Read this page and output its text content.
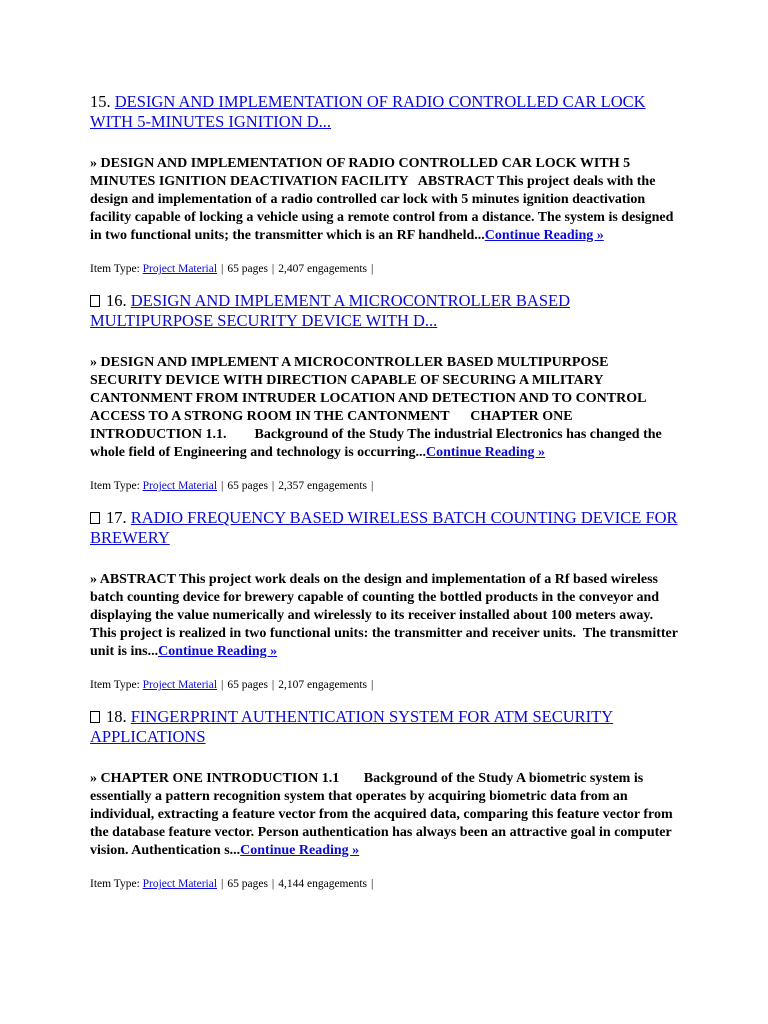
15. DESIGN AND IMPLEMENTATION OF RADIO CONTROLLED CAR LOCK WITH 5-MINUTES IGNITION D...
» DESIGN AND IMPLEMENTATION OF RADIO CONTROLLED CAR LOCK WITH 5 MINUTES IGNITION DEACTIVATION FACILITY   ABSTRACT This project deals with the design and implementation of a radio controlled car lock with 5 minutes ignition deactivation facility capable of locking a vehicle using a remote control from a distance. The system is designed in two functional units; the transmitter which is an RF handheld...Continue Reading »
Item Type: Project Material | 65 pages | 2,407 engagements |
16. DESIGN AND IMPLEMENT A MICROCONTROLLER BASED MULTIPURPOSE SECURITY DEVICE WITH D...
» DESIGN AND IMPLEMENT A MICROCONTROLLER BASED MULTIPURPOSE SECURITY DEVICE WITH DIRECTION CAPABLE OF SECURING A MILITARY CANTONMENT FROM INTRUDER LOCATION AND DETECTION AND TO CONTROL ACCESS TO A STRONG ROOM IN THE CANTONMENT      CHAPTER ONE INTRODUCTION 1.1.        Background of the Study The industrial Electronics has changed the whole field of Engineering and technology is occurring...Continue Reading »
Item Type: Project Material | 65 pages | 2,357 engagements |
17. RADIO FREQUENCY BASED WIRELESS BATCH COUNTING DEVICE FOR BREWERY
» ABSTRACT This project work deals on the design and implementation of a Rf based wireless batch counting device for brewery capable of counting the bottled products in the conveyor and displaying the value numerically and wirelessly to its receiver installed about 100 meters away.  This project is realized in two functional units: the transmitter and receiver units.  The transmitter unit is ins...Continue Reading »
Item Type: Project Material | 65 pages | 2,107 engagements |
18. FINGERPRINT AUTHENTICATION SYSTEM FOR ATM SECURITY APPLICATIONS
» CHAPTER ONE INTRODUCTION 1.1       Background of the Study A biometric system is essentially a pattern recognition system that operates by acquiring biometric data from an individual, extracting a feature vector from the acquired data, comparing this feature vector from the database feature vector. Person authentication has always been an attractive goal in computer vision. Authentication s...Continue Reading »
Item Type: Project Material | 65 pages | 4,144 engagements |
